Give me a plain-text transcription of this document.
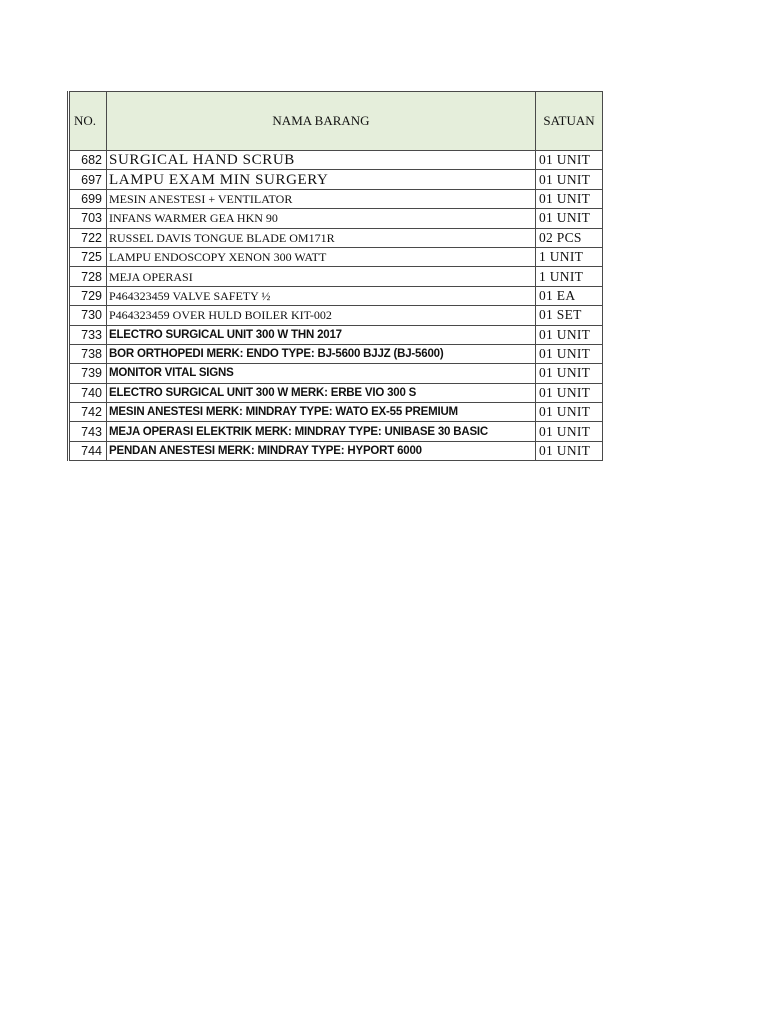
NO.	NAMA BARANG	SATUAN
682	SURGICAL HAND SCRUB	01 UNIT
697	LAMPU EXAM MIN SURGERY	01 UNIT
699	MESIN ANESTESI + VENTILATOR	01 UNIT
703	INFANS WARMER GEA HKN 90	01 UNIT
722	RUSSEL DAVIS TONGUE BLADE OM171R	02 PCS
725	LAMPU ENDOSCOPY XENON 300 WATT	1 UNIT
728	MEJA OPERASI	1 UNIT
729	P464323459 VALVE SAFETY ½	01 EA
730	P464323459 OVER HULD BOILER KIT-002	01 SET
733	ELECTRO SURGICAL UNIT 300 W THN 2017	01 UNIT
738	BOR ORTHOPEDI MERK: ENDO TYPE: BJ-5600 BJJZ (BJ-5600)	01 UNIT
739	MONITOR VITAL SIGNS	01 UNIT
740	ELECTRO SURGICAL UNIT 300 W MERK: ERBE VIO 300 S	01 UNIT
742	MESIN ANESTESI MERK: MINDRAY TYPE: WATO EX-55 PREMIUM	01 UNIT
743	MEJA OPERASI ELEKTRIK MERK: MINDRAY TYPE: UNIBASE 30 BASIC	01 UNIT
744	PENDAN ANESTESI MERK: MINDRAY TYPE: HYPORT 6000	01 UNIT
